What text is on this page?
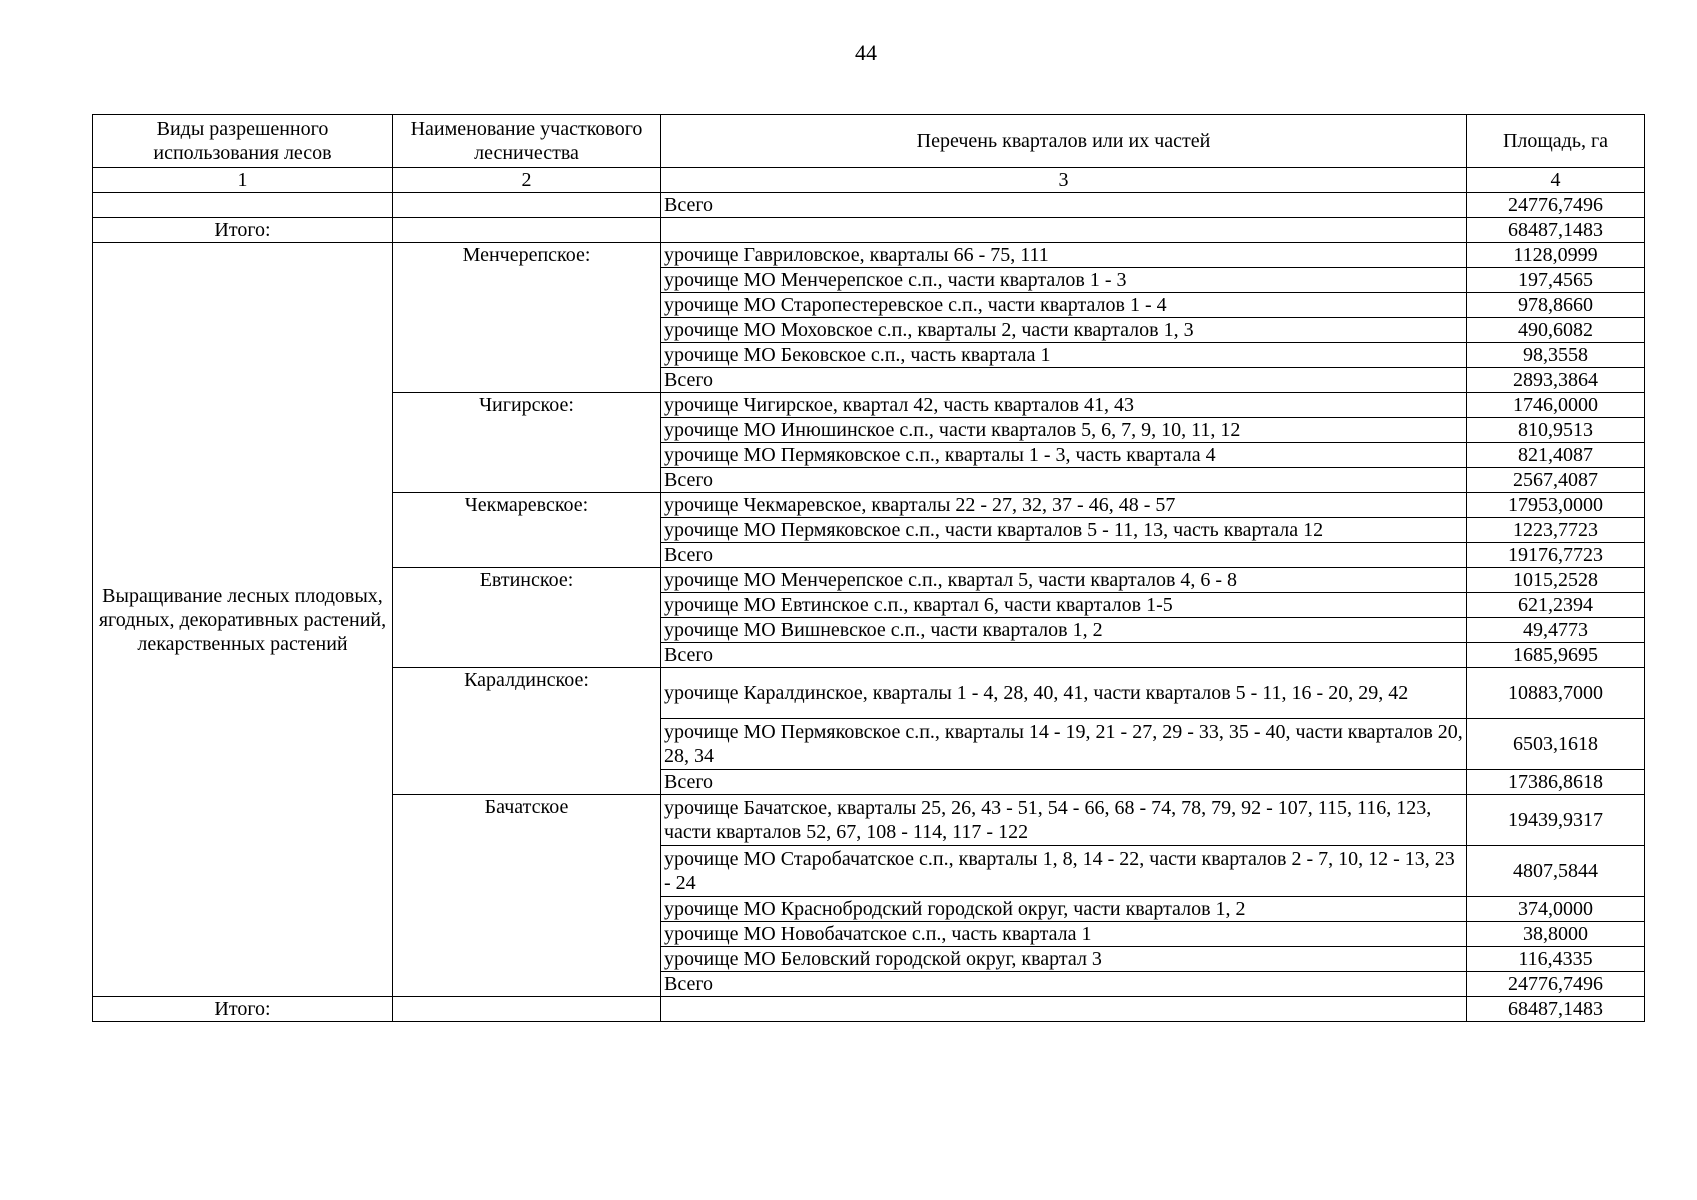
44
Виды разрешенного использования лесов	Наименование участкового лесничества	Перечень кварталов или их частей	Площадь, га
1	2	3	4
		Всего	24776,7496
Итого:			68487,1483
Выращивание лесных плодовых, ягодных, декоративных растений, лекарственных растений	Менчерепское:	урочище Гавриловское, кварталы 66 - 75, 111	1128,0999
		урочище МО Менчерепское с.п., части кварталов 1 - 3	197,4565
		урочище МО Старопестеревское с.п., части кварталов 1 - 4	978,8660
		урочище МО Моховское с.п., кварталы 2, части кварталов 1, 3	490,6082
		урочище МО Бековское с.п., часть квартала 1	98,3558
		Всего	2893,3864
	Чигирское:	урочище Чигирское, квартал 42, часть кварталов 41, 43	1746,0000
		урочище МО Инюшинское с.п., части кварталов 5, 6, 7, 9, 10, 11, 12	810,9513
		урочище МО Пермяковское с.п., кварталы 1 - 3, часть квартала 4	821,4087
		Всего	2567,4087
	Чекмаревское:	урочище Чекмаревское, кварталы 22 - 27, 32, 37 - 46, 48 - 57	17953,0000
		урочище МО Пермяковское с.п., части кварталов 5 - 11, 13, часть квартала 12	1223,7723
		Всего	19176,7723
	Евтинское:	урочище МО Менчерепское с.п., квартал 5, части кварталов 4, 6 - 8	1015,2528
		урочище МО Евтинское с.п., квартал 6, части кварталов 1-5	621,2394
		урочище МО Вишневское с.п., части кварталов 1, 2	49,4773
		Всего	1685,9695
	Каралдинское:	урочище Каралдинское, кварталы 1 - 4, 28, 40, 41, части кварталов 5 - 11, 16 - 20, 29, 42	10883,7000
		урочище МО Пермяковское с.п., кварталы 14 - 19, 21 - 27, 29 - 33, 35 - 40, части кварталов 20, 28, 34	6503,1618
		Всего	17386,8618
	Бачатское	урочище Бачатское, кварталы 25, 26, 43 - 51, 54 - 66, 68 - 74, 78, 79, 92 - 107, 115, 116, 123, части кварталов 52, 67, 108 - 114, 117 - 122	19439,9317
		урочище МО Старобачатское с.п., кварталы 1, 8, 14 - 22, части кварталов 2 - 7, 10, 12 - 13, 23 - 24	4807,5844
		урочище МО Краснобродский городской округ, части кварталов 1, 2	374,0000
		урочище МО Новобачатское с.п., часть квартала 1	38,8000
		урочище МО Беловский городской округ, квартал 3	116,4335
		Всего	24776,7496
Итого:			68487,1483
